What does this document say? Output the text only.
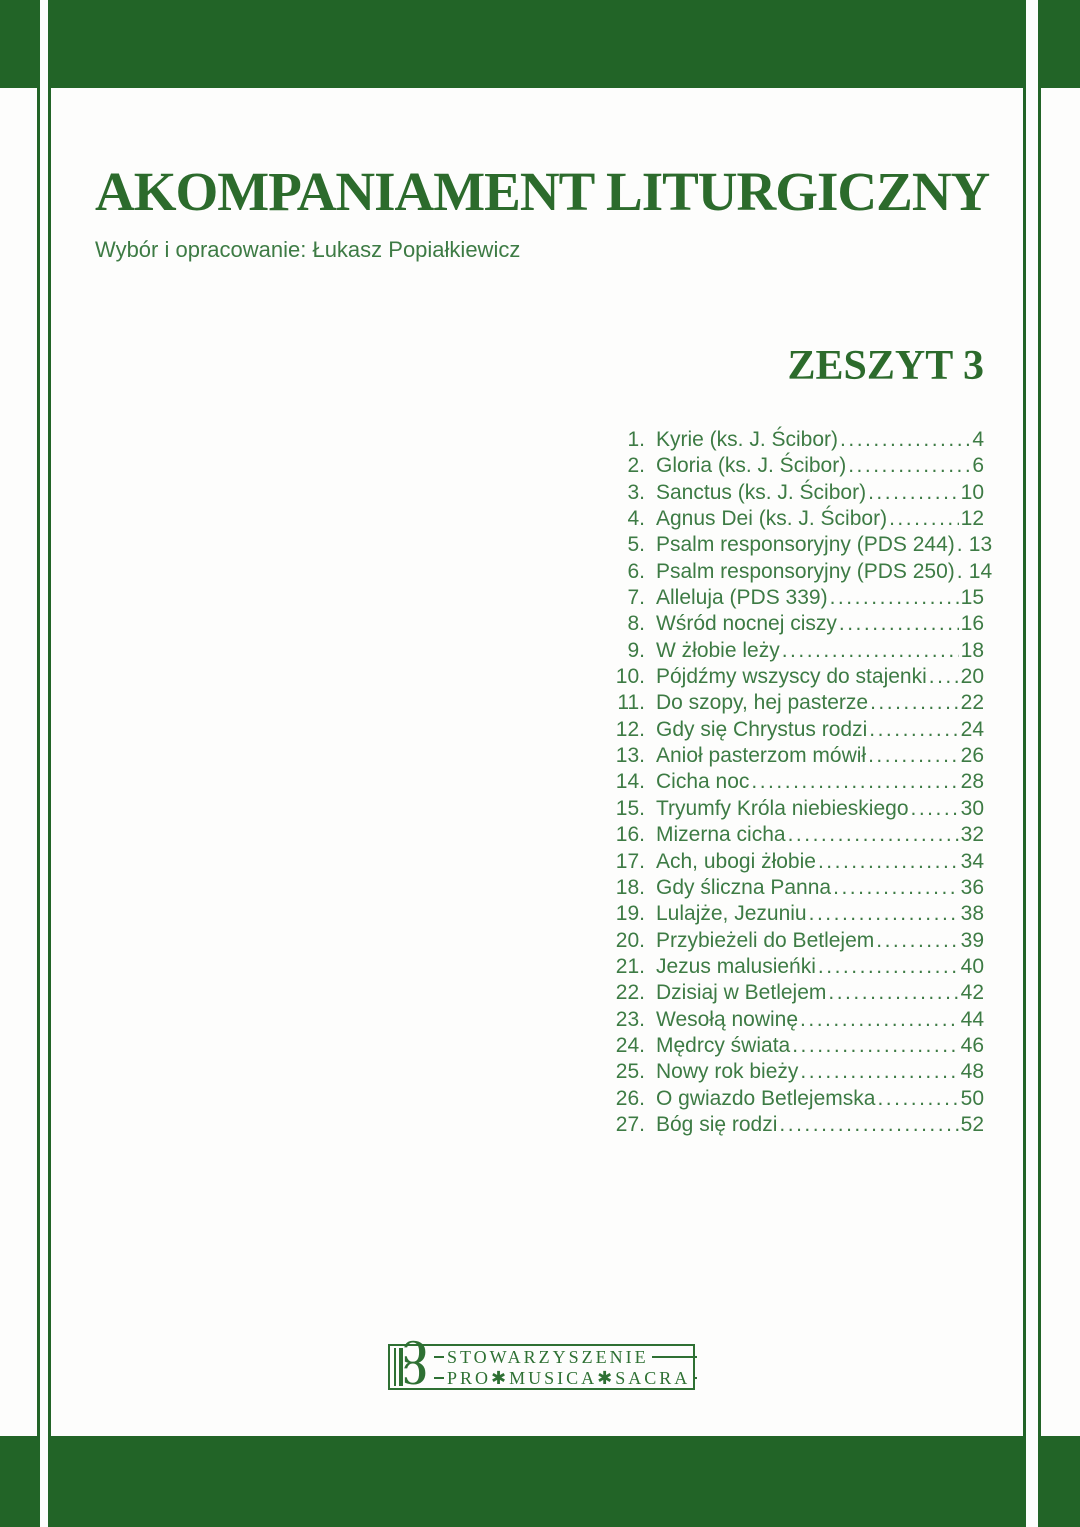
AKOMPANIAMENT LITURGICZNY
Wybór i opracowanie: Łukasz Popiałkiewicz
ZESZYT 3
1. Kyrie (ks. J. Ścibor) .....	4
2. Gloria (ks. J. Ścibor) .....	6
3. Sanctus (ks. J. Ścibor) .....	10
4. Agnus Dei (ks. J. Ścibor) .....	12
5. Psalm responsoryjny (PDS 244) ..... 13
6. Psalm responsoryjny (PDS 250) ..... 14
7. Alleluja (PDS 339) .....	15
8. Wśród nocnej ciszy .....	16
9. W żłobie leży .....	18
10. Pójdźmy wszyscy do stajenki ..... 20
11. Do szopy, hej pasterze .....	22
12. Gdy się Chrystus rodzi .....	24
13. Anioł pasterzom mówił .....	26
14. Cicha noc .....	28
15. Tryumfy Króla niebieskiego ..... 30
16. Mizerna cicha .....	32
17. Ach, ubogi żłobie .....	34
18. Gdy śliczna Panna .....	36
19. Lulajże, Jezuniu .....	38
20. Przybieżeli do Betlejem .....	39
21. Jezus malusieńki .....	40
22. Dzisiaj w Betlejem .....	42
23. Wesołą nowinę .....	44
24. Mędrcy świata .....	46
25. Nowy rok bieży .....	48
26. O gwiazdo Betlejemska .....	50
27. Bóg się rodzi .....	52
Ɔ
Ɔ
STOWARZYSZENIE
PRO✱MUSICA✱SACRA
